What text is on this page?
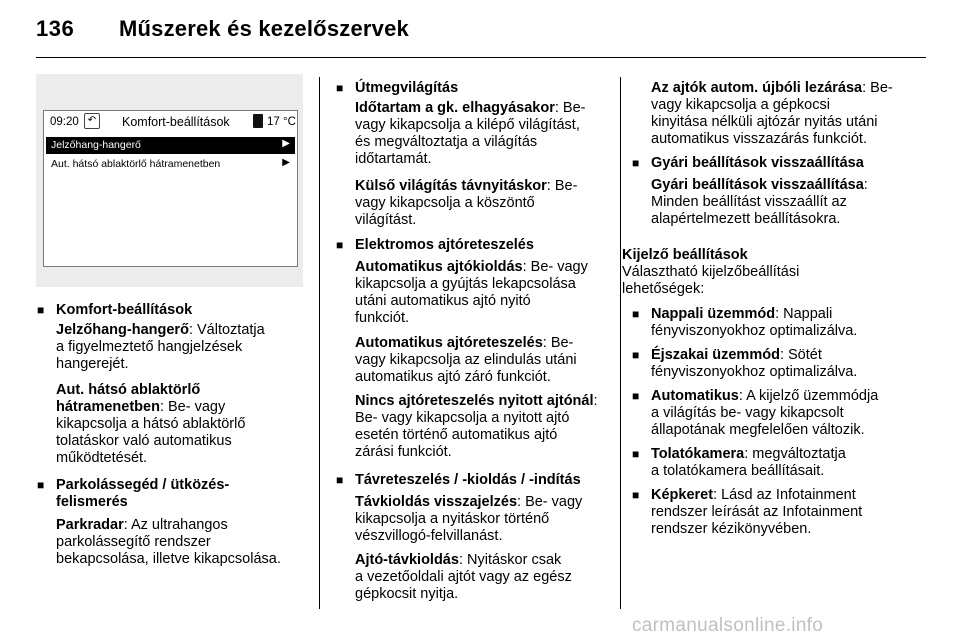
136 Műszerek és kezelőszervek
09:20 ↶	Komfort-beállítások	17 °C
Jelzőhang-hangerő	▶
Aut. hátsó ablaktörlő hátramenetben	▶
■ Komfort-beállítások
Jelzőhang-hangerő: Változtatja
a figyelmeztető hangjelzések
hangerejét.
Aut. hátsó ablaktörlő
hátramenetben: Be- vagy
kikapcsolja a hátsó ablaktörlő
tolatáskor való automatikus
működtetését.
■ Parkolássegéd / ütközés-
felismerés
Parkradar: Az ultrahangos
parkolássegítő rendszer
bekapcsolása, illetve kikapcsolása.
■ Útmegvilágítás
Időtartam a gk. elhagyásakor: Be-
vagy kikapcsolja a kilépő világítást,
és megváltoztatja a világítás
időtartamát.
Külső világítás távnyitáskor: Be-
vagy kikapcsolja a köszöntő
világítást.
■ Elektromos ajtóreteszelés
Automatikus ajtókioldás: Be- vagy
kikapcsolja a gyújtás lekapcsolása
utáni automatikus ajtó nyitó
funkciót.
Automatikus ajtóreteszelés: Be-
vagy kikapcsolja az elindulás utáni
automatikus ajtó záró funkciót.
Nincs ajtóreteszelés nyitott ajtónál:
Be- vagy kikapcsolja a nyitott ajtó
esetén történő automatikus ajtó
zárási funkciót.
■ Távreteszelés / -kioldás / -indítás
Távkioldás visszajelzés: Be- vagy
kikapcsolja a nyitáskor történő
vészvillogó-felvillanást.
Ajtó-távkioldás: Nyitáskor csak
a vezetőoldali ajtót vagy az egész
gépkocsit nyitja.
Az ajtók autom. újbóli lezárása: Be-
vagy kikapcsolja a gépkocsi
kinyitása nélküli ajtózár nyitás utáni
automatikus visszazárás funkciót.
■ Gyári beállítások visszaállítása
Gyári beállítások visszaállítása:
Minden beállítást visszaállít az
alapértelmezett beállításokra.
Kijelző beállítások
Választható kijelzőbeállítási
lehetőségek:
■ Nappali üzemmód: Nappali
fényviszonyokhoz optimalizálva.
■ Éjszakai üzemmód: Sötét
fényviszonyokhoz optimalizálva.
■ Automatikus: A kijelző üzemmódja
a világítás be- vagy kikapcsolt
állapotának megfelelően változik.
■ Tolatókamera: megváltoztatja
a tolatókamera beállításait.
■ Képkeret: Lásd az Infotainment
rendszer leírását az Infotainment
rendszer kézikönyvében.
carmanualsonline.info
